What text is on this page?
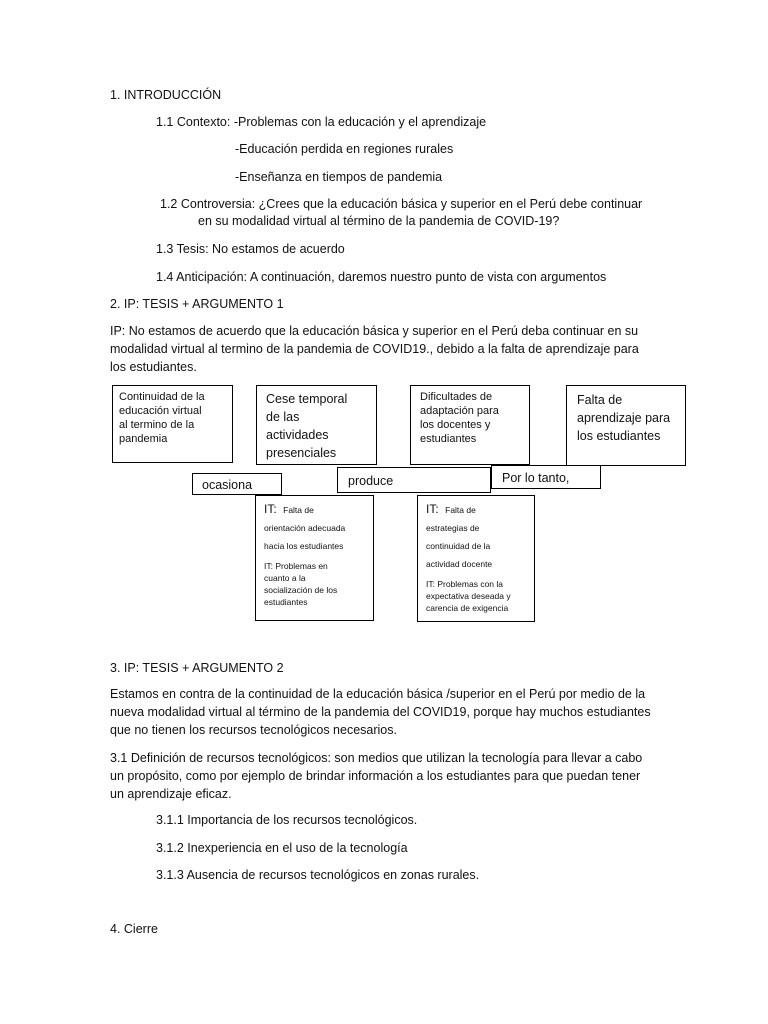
1. INTRODUCCIÓN
1.1 Contexto: -Problemas con la educación y el aprendizaje
-Educación perdida en regiones rurales
-Enseñanza en tiempos de pandemia
1.2 Controversia: ¿Crees que la educación básica y superior en el Perú debe continuar
en su modalidad virtual al término de la pandemia de COVID-19?
1.3 Tesis: No estamos de acuerdo
1.4 Anticipación: A continuación, daremos nuestro punto de vista con argumentos
2. IP: TESIS + ARGUMENTO 1
IP: No estamos de acuerdo que la educación básica y superior en el Perú deba continuar en su modalidad virtual al termino de la pandemia de COVID19., debido a la falta de aprendizaje para los estudiantes.
Continuidad de la
educación virtual
al termino de la
pandemia
Cese temporal
de las
actividades
presenciales
Dificultades de
adaptación para
los docentes y
estudiantes
Falta de
aprendizaje para
los estudiantes
ocasiona	produce	Por lo tanto,
IT: Falta de
orientación adecuada
hacia los estudiantes
IT: Problemas en
cuanto a la
socialización de los
estudiantes
IT: Falta de
estrategias de
continuidad de la
actividad docente
IT: Problemas con la
expectativa deseada y
carencia de exigencia
3. IP: TESIS + ARGUMENTO 2
Estamos en contra de la continuidad de la educación básica /superior en el Perú por medio de la nueva modalidad virtual al término de la pandemia del COVID19, porque hay muchos estudiantes que no tienen los recursos tecnológicos necesarios.
3.1 Definición de recursos tecnológicos: son medios que utilizan la tecnología para llevar a cabo un propósito, como por ejemplo de brindar información a los estudiantes para que puedan tener un aprendizaje eficaz.
3.1.1 Importancia de los recursos tecnológicos.
3.1.2 Inexperiencia en el uso de la tecnología
3.1.3 Ausencia de recursos tecnológicos en zonas rurales.
4. Cierre
